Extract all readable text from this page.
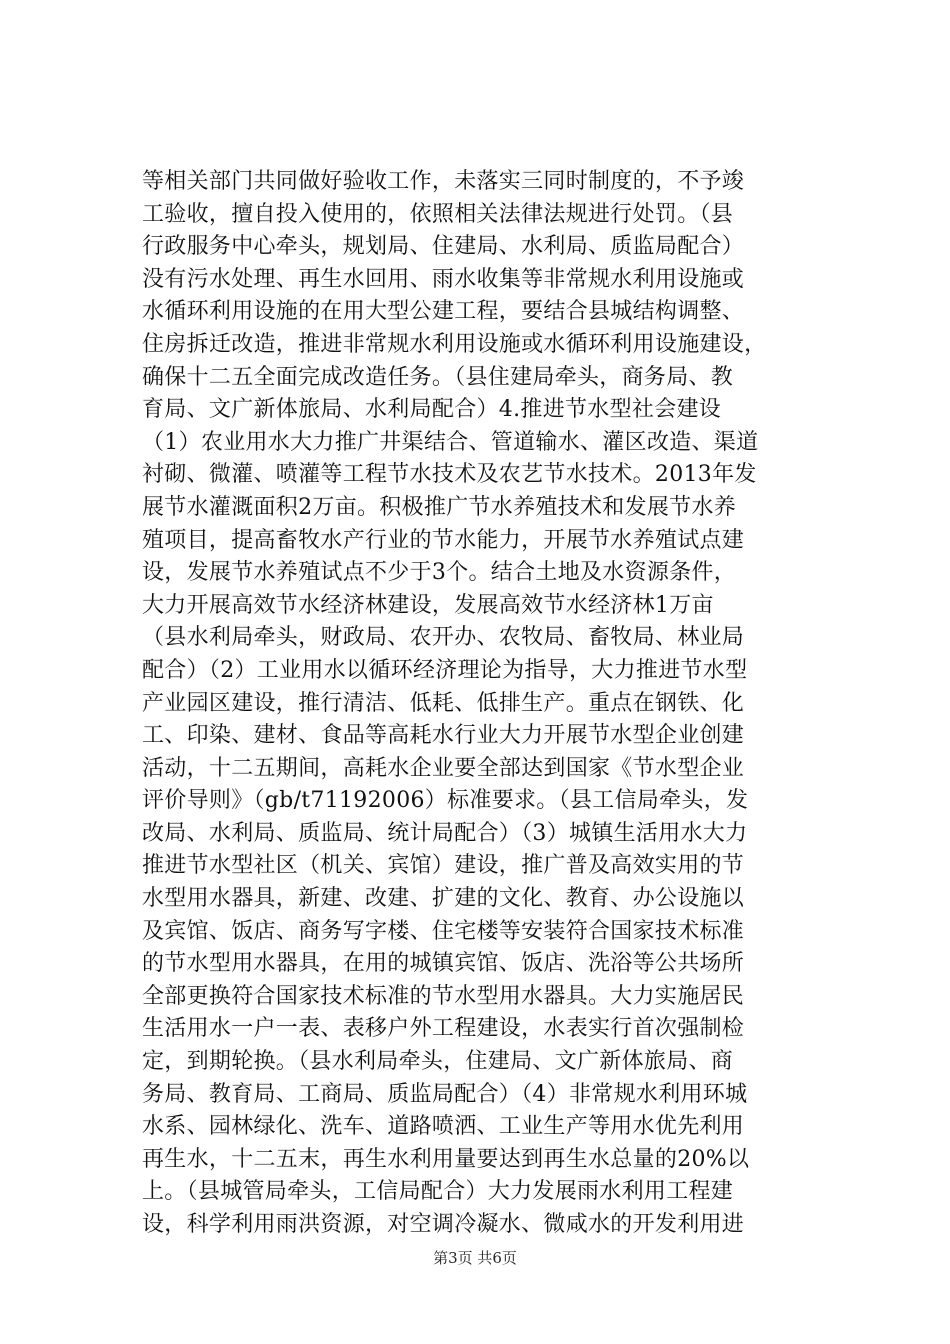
等相关部门共同做好验收工作，未落实三同时制度的，不予竣
工验收，擅自投入使用的，依照相关法律法规进行处罚。（县
行政服务中心牵头，规划局、住建局、水利局、质监局配合）
没有污水处理、再生水回用、雨水收集等非常规水利用设施或
水循环利用设施的在用大型公建工程，要结合县城结构调整、
住房拆迁改造，推进非常规水利用设施或水循环利用设施建设，
确保十二五全面完成改造任务。（县住建局牵头，商务局、教
育局、文广新体旅局、水利局配合）4.推进节水型社会建设
（1）农业用水大力推广井渠结合、管道输水、灌区改造、渠道
衬砌、微灌、喷灌等工程节水技术及农艺节水技术。2013年发
展节水灌溉面积2万亩。积极推广节水养殖技术和发展节水养
殖项目，提高畜牧水产行业的节水能力，开展节水养殖试点建
设，发展节水养殖试点不少于3个。结合土地及水资源条件，
大力开展高效节水经济林建设，发展高效节水经济林1万亩
（县水利局牵头，财政局、农开办、农牧局、畜牧局、林业局
配合）（2）工业用水以循环经济理论为指导，大力推进节水型
产业园区建设，推行清洁、低耗、低排生产。重点在钢铁、化
工、印染、建材、食品等高耗水行业大力开展节水型企业创建
活动，十二五期间，高耗水企业要全部达到国家《节水型企业
评价导则》（gb/t71192006）标准要求。（县工信局牵头，发
改局、水利局、质监局、统计局配合）（3）城镇生活用水大力
推进节水型社区（机关、宾馆）建设，推广普及高效实用的节
水型用水器具，新建、改建、扩建的文化、教育、办公设施以
及宾馆、饭店、商务写字楼、住宅楼等安装符合国家技术标准
的节水型用水器具，在用的城镇宾馆、饭店、洗浴等公共场所
全部更换符合国家技术标准的节水型用水器具。大力实施居民
生活用水一户一表、表移户外工程建设，水表实行首次强制检
定，到期轮换。（县水利局牵头，住建局、文广新体旅局、商
务局、教育局、工商局、质监局配合）（4）非常规水利用环城
水系、园林绿化、洗车、道路喷洒、工业生产等用水优先利用
再生水，十二五末，再生水利用量要达到再生水总量的20%以
上。（县城管局牵头，工信局配合）大力发展雨水利用工程建
设，科学利用雨洪资源，对空调冷凝水、微咸水的开发利用进
第3页 共6页
